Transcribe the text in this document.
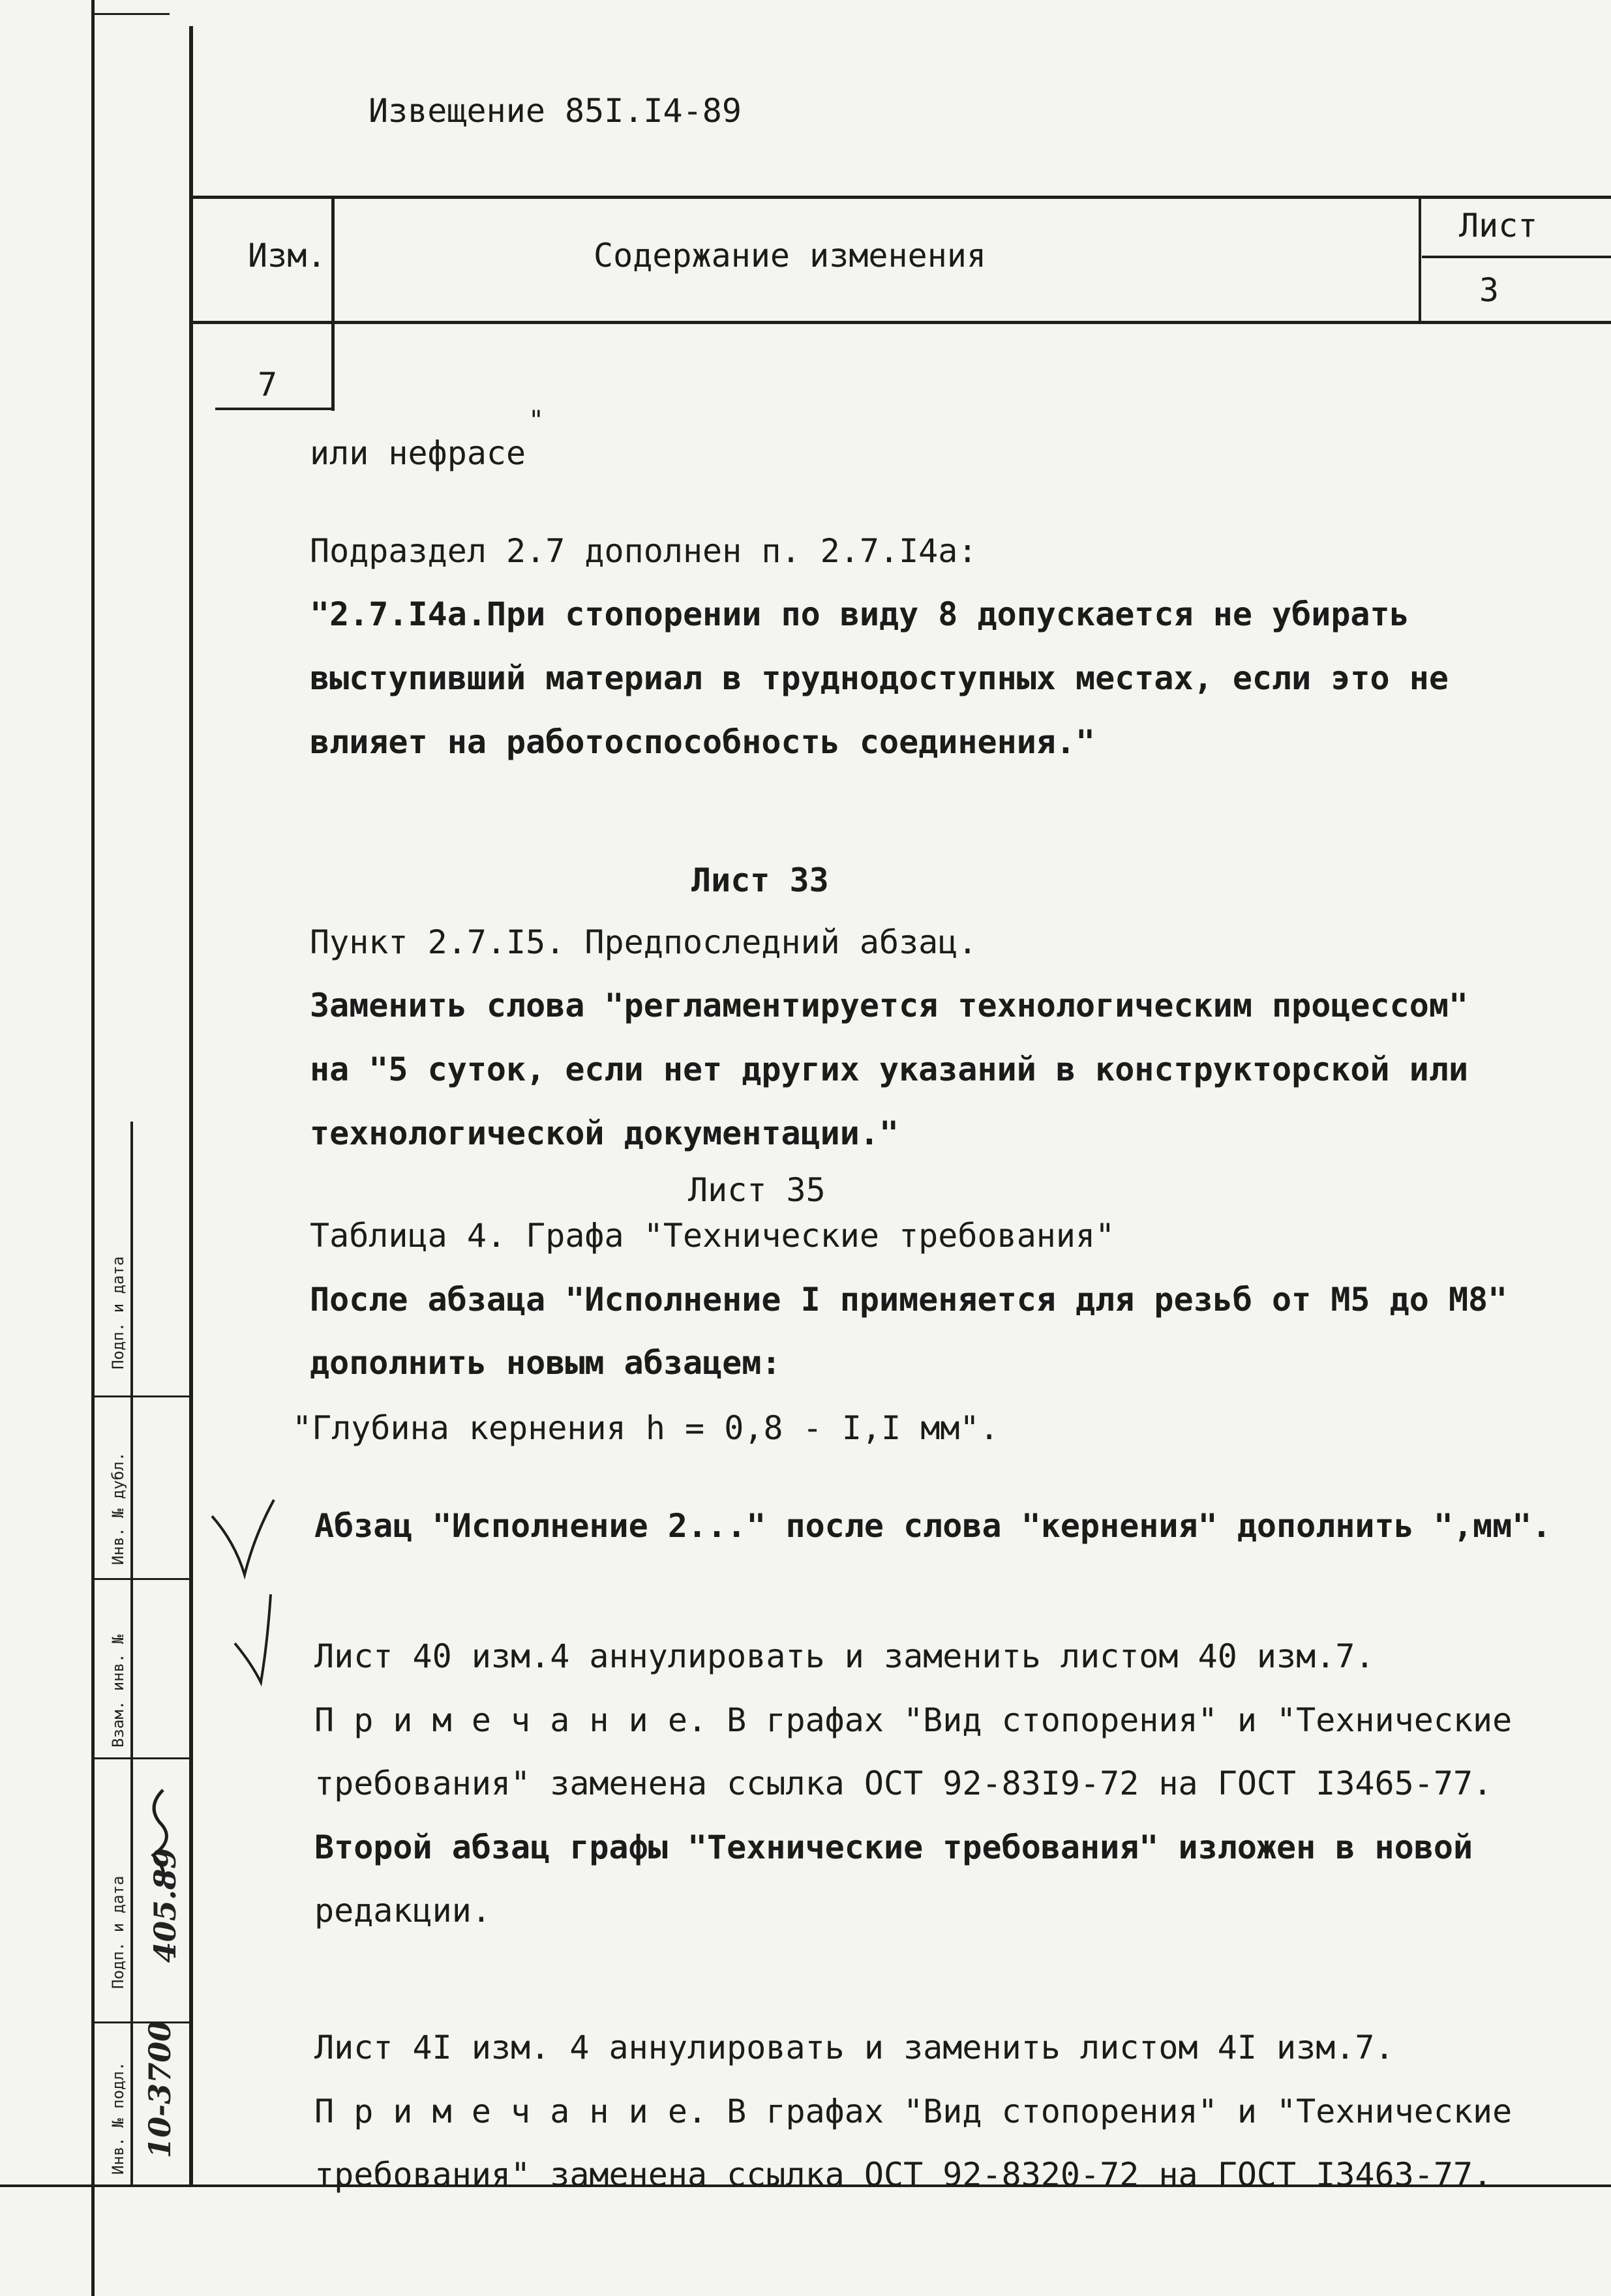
Извещение 85I.I4-89
Изм.	Содержание изменения
Лист
3
7
или нефрасе
"
Подраздел 2.7 дополнен п. 2.7.I4а:
"2.7.I4а.При стопорении по виду 8 допускается не убирать
выступивший материал в труднодоступных местах, если это не
влияет на работоспособность соединения."
Лист 33
Пункт 2.7.I5. Предпоследний абзац.
Заменить слова "регламентируется технологическим процессом"
на "5 суток, если нет других указаний в конструкторской или
технологической документации."
Лист 35
Таблица 4. Графа "Технические требования"
После абзаца "Исполнение I применяется для резьб от М5 до М8"
дополнить новым абзацем:
"Глубина кернения h = 0,8 - I,I мм".
Абзац "Исполнение 2..." после слова "кернения" дополнить ",мм".
Лист 40 изм.4 аннулировать и заменить листом 40 изм.7.
П р и м е ч а н и е. В графах "Вид стопорения" и "Технические
требования" заменена ссылка ОСТ 92-83I9-72 на ГОСТ I3465-77.
Второй абзац графы "Технические требования" изложен в новой
редакции.
Лист 4I изм. 4 аннулировать и заменить листом 4I изм.7.
П р и м е ч а н и е. В графах "Вид стопорения" и "Технические
требования" заменена ссылка ОСТ 92-8320-72 на ГОСТ I3463-77.
Подп. и дата
Инв. № дубл.
Взам. инв. №
Подп. и дата 405.89
Инв. № подл. 10-3700
